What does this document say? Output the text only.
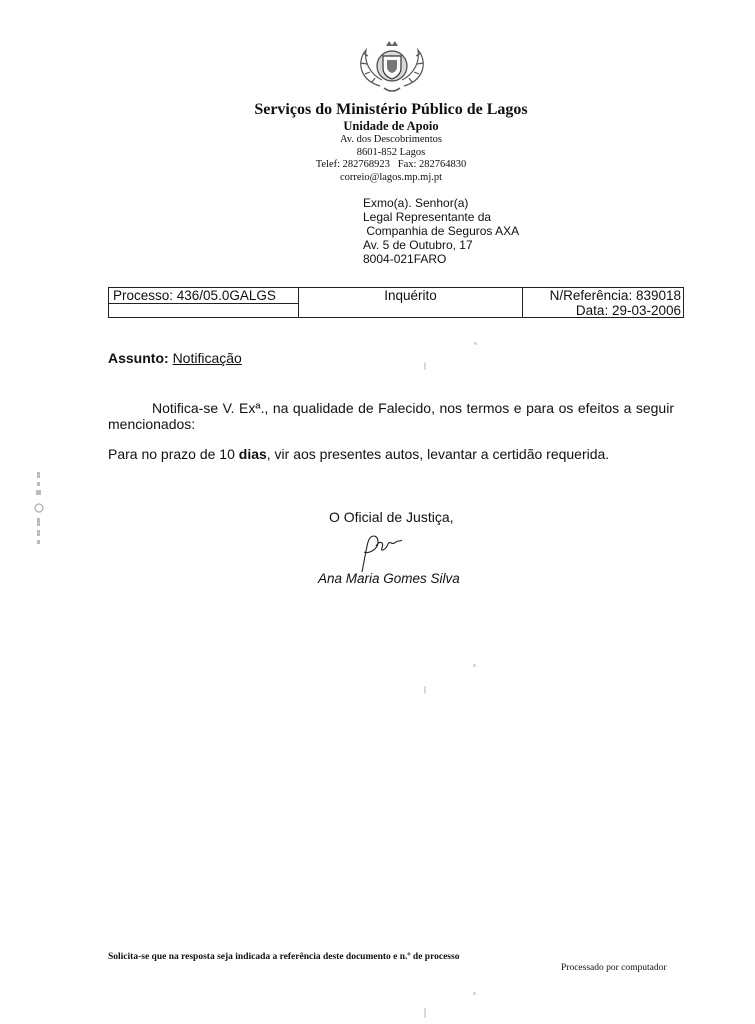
Serviços do Ministério Público de Lagos
Unidade de Apoio
Av. dos Descobrimentos
8601-852 Lagos
Telef: 282768923   Fax: 282764830
correio@lagos.mp.mj.pt
Exmo(a). Senhor(a)
Legal Representante da
Companhia de Seguros AXA
Av. 5 de Outubro, 17
8004-021FARO
Processo: 436/05.0GALGS	Inquérito	N/Referência: 839018
Data: 29-03-2006
Assunto: Notificação
Notifica-se V. Exª., na qualidade de Falecido, nos termos e para os efeitos a seguir mencionados:
Para no prazo de 10 dias, vir aos presentes autos, levantar a certidão requerida.
O Oficial de Justiça,
Ana Maria Gomes Silva
Solicita-se que na resposta seja indicada a referência deste documento e n.º de processo
Processado por computador
